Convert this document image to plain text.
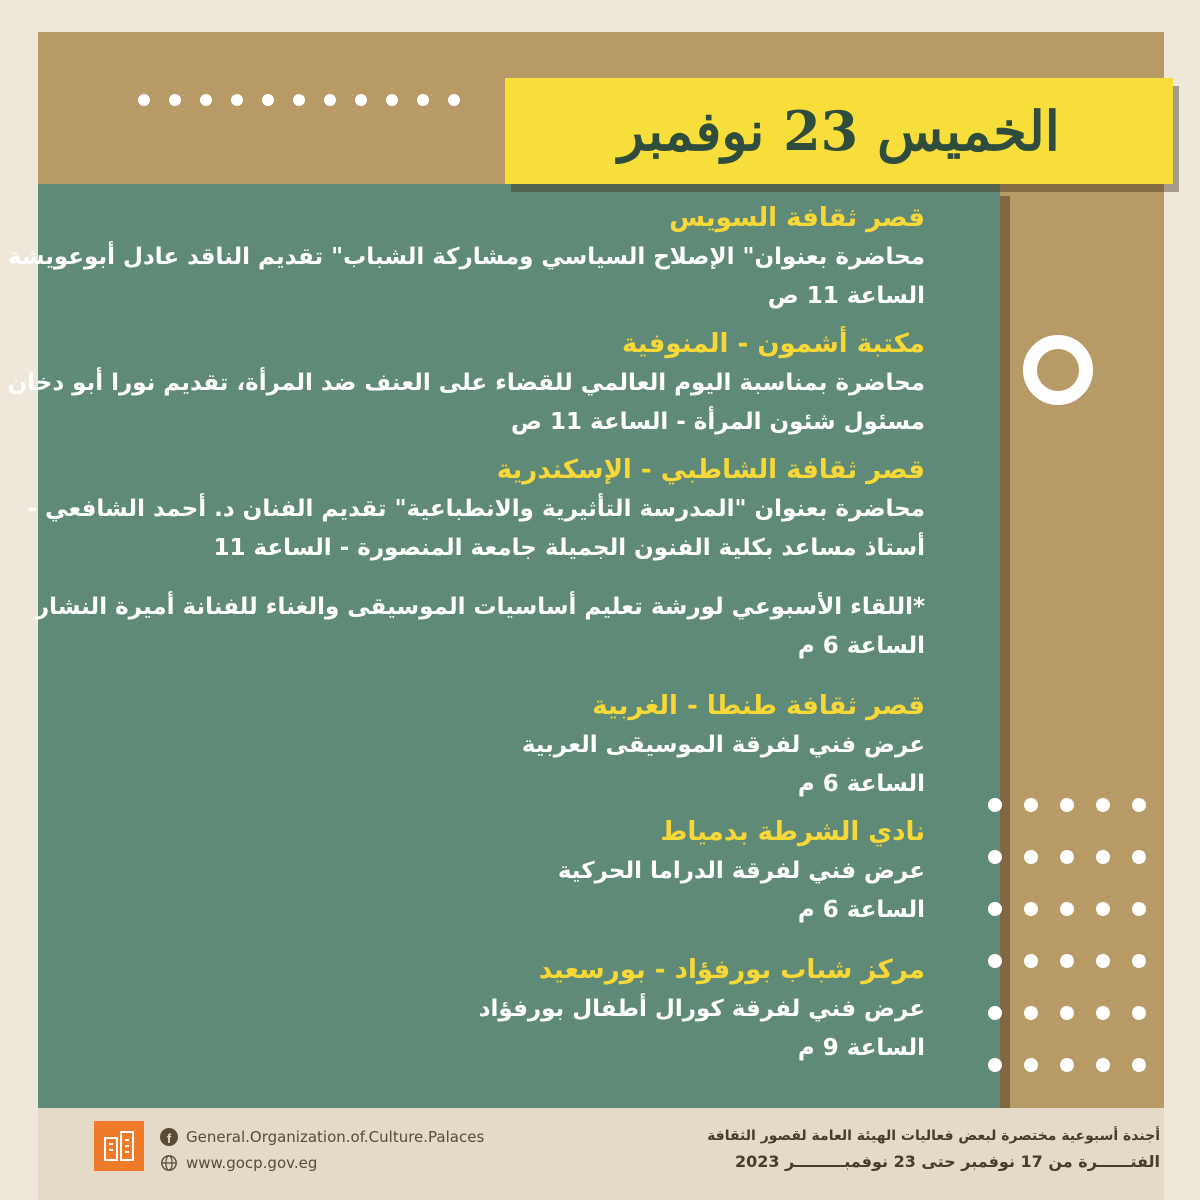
الخميس 23 نوفمبر

قصر ثقافة السويس

محاضرة بعنوان" الإصلاح السياسي ومشاركة الشباب" تقديم الناقد عادل أبوعويشة

الساعة 11 ص

مكتبة أشمون - المنوفية

محاضرة بمناسبة اليوم العالمي للقضاء على العنف ضد المرأة، تقديم نورا أبو دخان

مسئول شئون المرأة - الساعة 11 ص

قصر ثقافة الشاطبي - الإسكندرية

محاضرة بعنوان "المدرسة التأثيرية والانطباعية" تقديم الفنان د. أحمد الشافعي -

أستاذ مساعد بكلية الفنون الجميلة جامعة المنصورة - الساعة 11

*اللقاء الأسبوعي لورشة تعليم أساسيات الموسيقى والغناء للفنانة أميرة النشار

الساعة 6 م

قصر ثقافة طنطا - الغربية

عرض فني لفرقة الموسيقى العربية

الساعة 6 م

نادي الشرطة بدمياط

عرض فني لفرقة الدراما الحركية

الساعة 6 م

مركز شباب بورفؤاد - بورسعيد

عرض فني لفرقة كورال أطفال بورفؤاد

الساعة 9 م

f General.Organization.of.Culture.Palaces
www.gocp.gov.eg
أجندة أسبوعية مختصرة لبعض فعاليات الهيئة العامة لقصور الثقافة
الفتــــــرة من 17 نوفمبر حتى 23 نوفمبـــــــــر 2023
